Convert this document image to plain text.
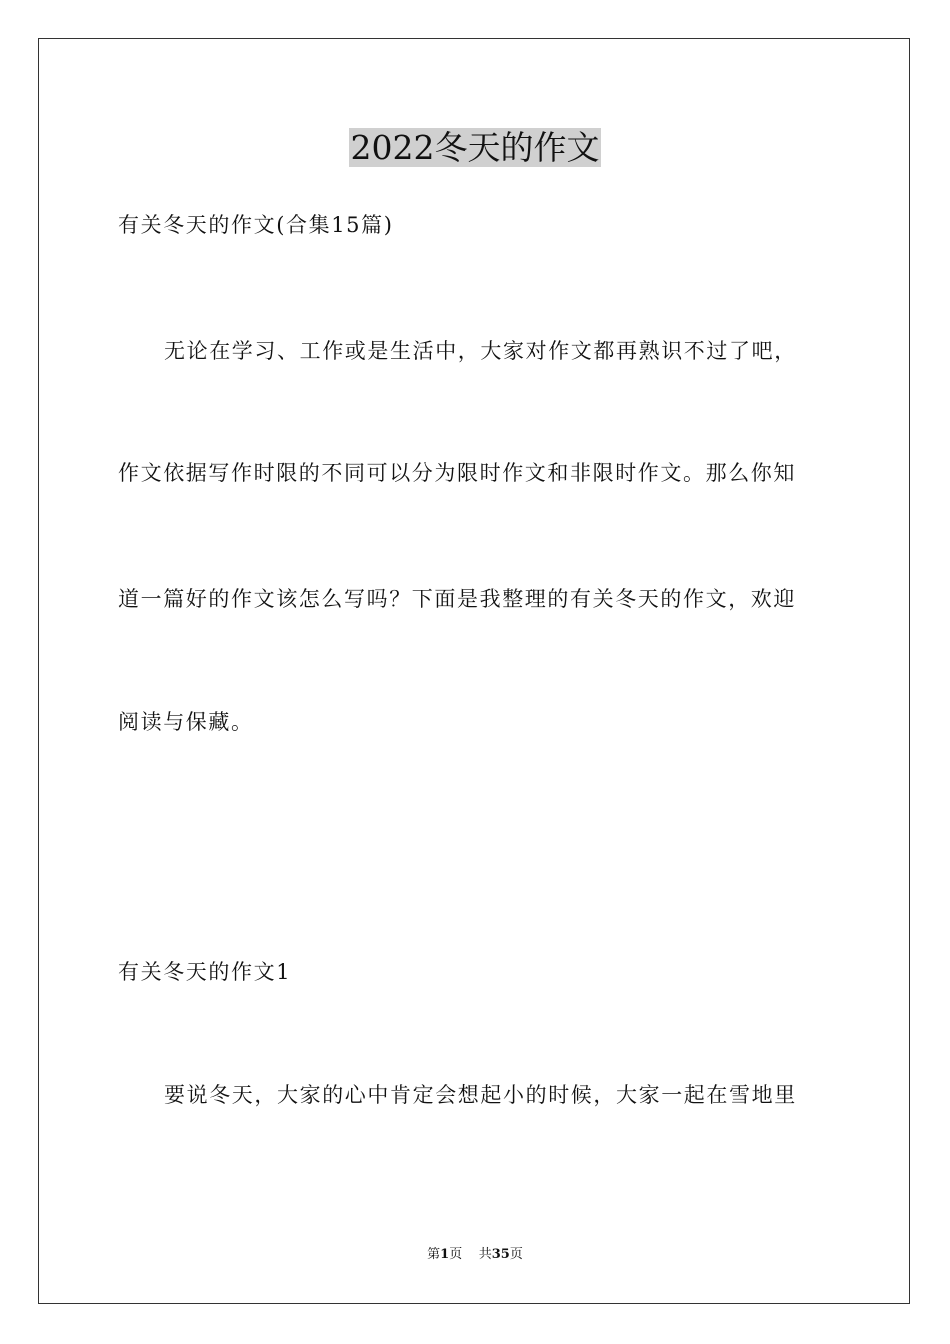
2022冬天的作文
有关冬天的作文(合集15篇)
无论在学习、工作或是生活中，大家对作文都再熟识不过了吧，
作文依据写作时限的不同可以分为限时作文和非限时作文。那么你知
道一篇好的作文该怎么写吗？下面是我整理的有关冬天的作文，欢迎
阅读与保藏。
有关冬天的作文1
要说冬天，大家的心中肯定会想起小的时候，大家一起在雪地里
第1页 共35页
